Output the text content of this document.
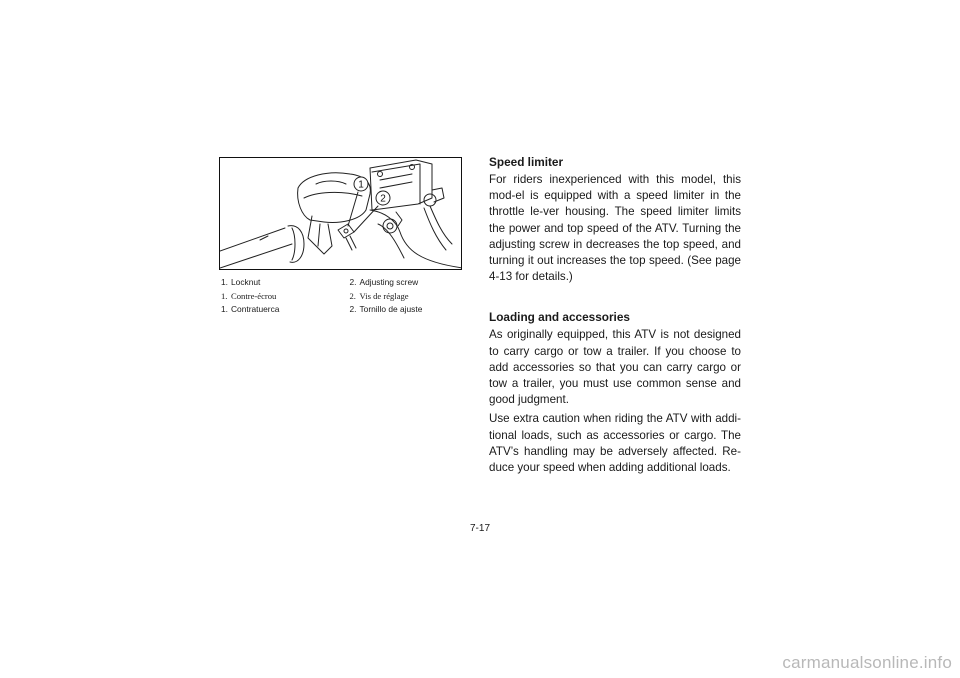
1
2
1. Locknut	2. Adjusting screw
1. Contre-écrou	2. Vis de réglage
1. Contratuerca	2. Tornillo de ajuste
Speed limiter

For riders inexperienced with this model, this mod-el is equipped with a speed limiter in the throttle le-ver housing. The speed limiter limits the power and top speed of the ATV. Turning the adjusting screw in decreases the top speed, and turning it out increases the top speed. (See page 4-13 for details.)

Loading and accessories

As originally equipped, this ATV is not designed to carry cargo or tow a trailer. If you choose to add accessories so that you can carry cargo or tow a trailer, you must use common sense and good judgment.

Use extra caution when riding the ATV with addi-tional loads, such as accessories or cargo. The ATV’s handling may be adversely affected. Re-duce your speed when adding additional loads.

7-17
carmanualsonline.info
